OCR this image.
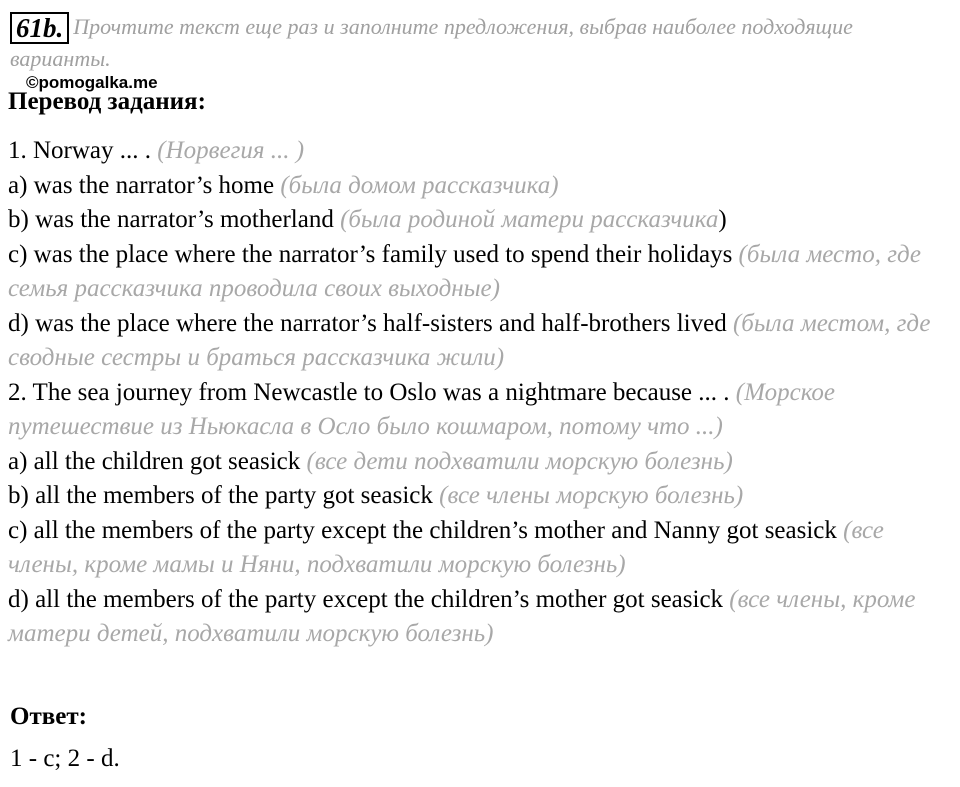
61b. Прочтите текст еще раз и заполните предложения, выбрав наиболее подходящие варианты.
©pomogalka.me
Перевод задания:
1. Norway ... . (Норвегия ... )
a) was the narrator’s home (была домом рассказчика)
b) was the narrator’s motherland (была родиной матери рассказчика)
c) was the place where the narrator’s family used to spend their holidays (была место, где семья рассказчика проводила своих выходные)
d) was the place where the narrator’s half-sisters and half-brothers lived (была местом, где сводные сестры и браться рассказчика жили)
2. The sea journey from Newcastle to Oslo was a nightmare because ... . (Морское путешествие из Ньюкасла в Осло было кошмаром, потому что ...)
a) all the children got seasick (все дети подхватили морскую болезнь)
b) all the members of the party got seasick (все члены морскую болезнь)
c) all the members of the party except the children’s mother and Nanny got seasick (все члены, кроме мамы и Няни, подхватили морскую болезнь)
d) all the members of the party except the children’s mother got seasick (все члены, кроме матери детей, подхватили морскую болезнь)
Ответ:
1 - c; 2 - d.
